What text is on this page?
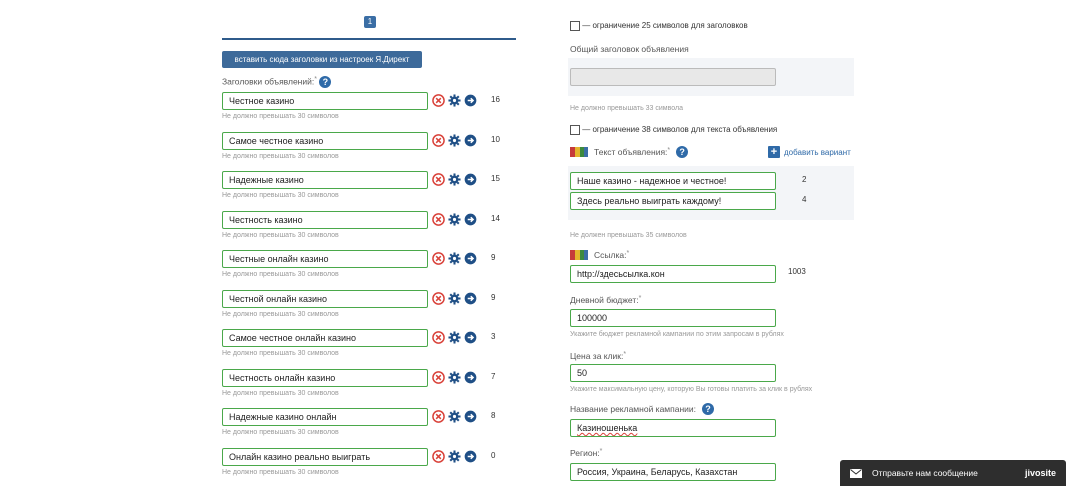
1
вставить сюда заголовки из настроек Я.Директ
Заголовки объявлений:* ?
Честное казино	16
Не должно превышать 30 символов
Самое честное казино	10
Не должно превышать 30 символов
Надежные казино	15
Не должно превышать 30 символов
Честность казино	14
Не должно превышать 30 символов
Честные онлайн казино	9
Не должно превышать 30 символов
Честной онлайн казино	9
Не должно превышать 30 символов
Самое честное онлайн казино	3
Не должно превышать 30 символов
Честность онлайн казино	7
Не должно превышать 30 символов
Надежные казино онлайн	8
Не должно превышать 30 символов
Онлайн казино реально выиграть	0
Не должно превышать 30 символов
— ограничение 25 символов для заголовков
Общий заголовок объявления
Не должно превышать 33 символа
— ограничение 38 символов для текста объявления
Текст объявления:*	?	+ добавить вариант
Наше казино - надежное и честное!	2
Здесь реально выиграть каждому!	4
Не должен превышать 35 символов
Ссылка:*
http://здесьсылка.кон	1003
Дневной бюджет:*
100000
Укажите бюджет рекламной кампании по этим запросам в рублях
Цена за клик:*
50
Укажите максимальную цену, которую Вы готовы платить за клик в рублях
Название рекламной кампании:	?
Казиношенька
Регион:*
Россия, Украина, Беларусь, Казахстан	Отправьте нам сообщение	jivosite
